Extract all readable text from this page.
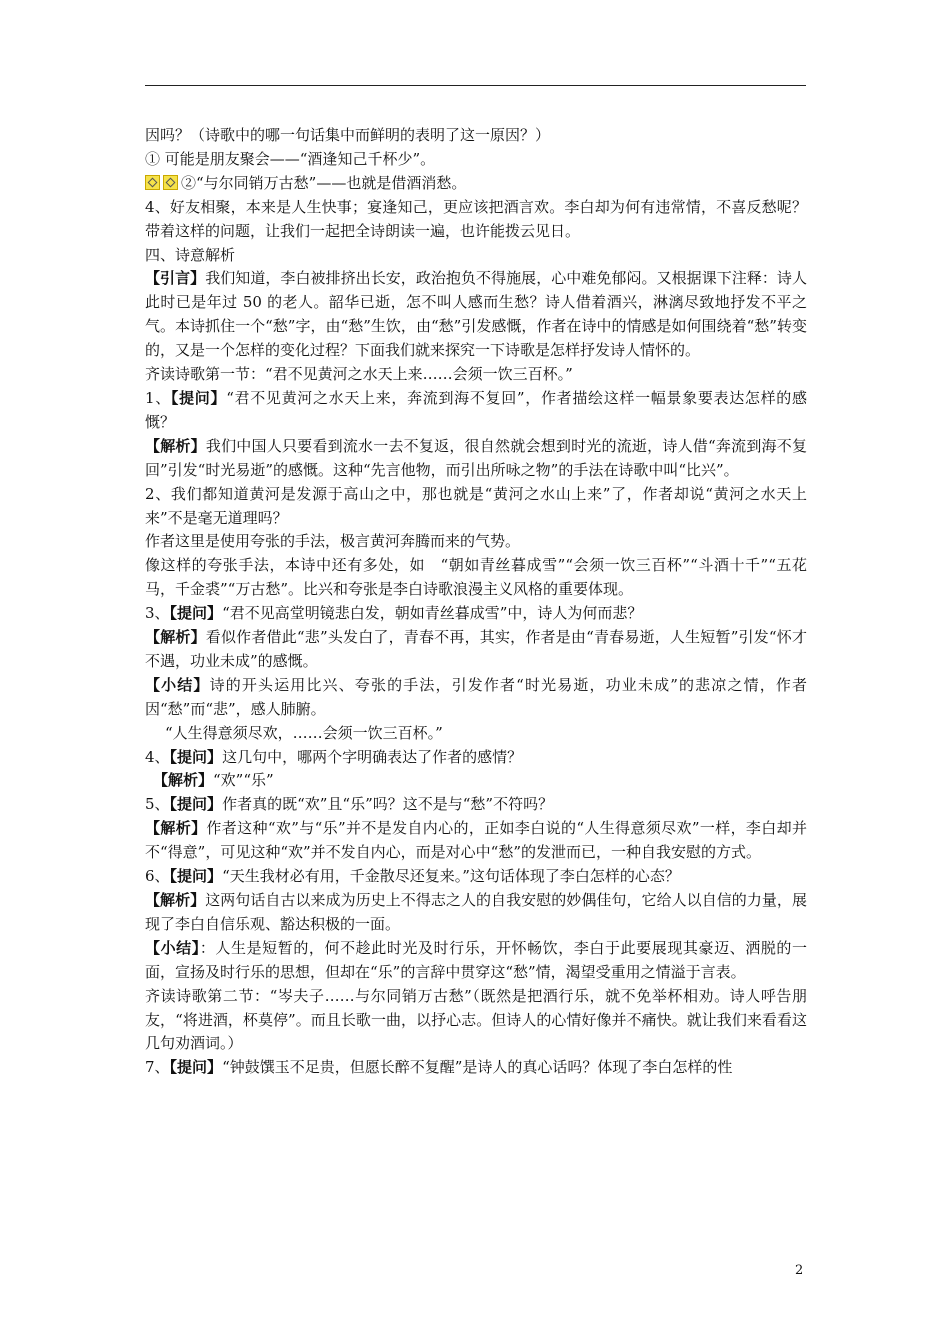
因吗？（诗歌中的哪一句话集中而鲜明的表明了这一原因？）

① 可能是朋友聚会——“酒逢知己千杯少”。

②“与尔同销万古愁”——也就是借酒消愁。

4、好友相聚，本来是人生快事；宴逢知己，更应该把酒言欢。李白却为何有违常情，不喜反愁呢？带着这样的问题，让我们一起把全诗朗读一遍，也许能拨云见日。

四、诗意解析

【引言】我们知道，李白被排挤出长安，政治抱负不得施展，心中难免郁闷。又根据课下注释：诗人此时已是年过 50 的老人。韶华已逝，怎不叫人感而生愁？诗人借着酒兴，淋漓尽致地抒发不平之气。本诗抓住一个“愁”字，由“愁”生饮，由“愁”引发感慨，作者在诗中的情感是如何围绕着“愁”转变的，又是一个怎样的变化过程？下面我们就来探究一下诗歌是怎样抒发诗人情怀的。

齐读诗歌第一节：“君不见黄河之水天上来……会须一饮三百杯。”

1、【提问】“君不见黄河之水天上来，奔流到海不复回”，作者描绘这样一幅景象要表达怎样的感慨？

【解析】我们中国人只要看到流水一去不复返，很自然就会想到时光的流逝，诗人借“奔流到海不复回”引发“时光易逝”的感慨。这种“先言他物，而引出所咏之物”的手法在诗歌中叫“比兴”。

2、我们都知道黄河是发源于高山之中，那也就是“黄河之水山上来”了，作者却说“黄河之水天上来”不是毫无道理吗？

作者这里是使用夸张的手法，极言黄河奔腾而来的气势。

像这样的夸张手法，本诗中还有多处，如　“朝如青丝暮成雪”“会须一饮三百杯”“斗酒十千”“五花马，千金裘”“万古愁”。比兴和夸张是李白诗歌浪漫主义风格的重要体现。

3、【提问】“君不见高堂明镜悲白发，朝如青丝暮成雪”中，诗人为何而悲？

【解析】看似作者借此“悲”头发白了，青春不再，其实，作者是由“青春易逝，人生短暂”引发“怀才不遇，功业未成”的感慨。

【小结】诗的开头运用比兴、夸张的手法，引发作者“时光易逝，功业未成”的悲凉之情，作者因“愁”而“悲”，感人肺腑。

“人生得意须尽欢，……会须一饮三百杯。”

4、【提问】这几句中，哪两个字明确表达了作者的感情？

【解析】“欢”“乐”

5、【提问】作者真的既“欢”且“乐”吗？这不是与“愁”不符吗？

【解析】作者这种“欢”与“乐”并不是发自内心的，正如李白说的“人生得意须尽欢”一样，李白却并不“得意”，可见这种“欢”并不发自内心，而是对心中“愁”的发泄而已，一种自我安慰的方式。

6、【提问】“天生我材必有用，千金散尽还复来。”这句话体现了李白怎样的心态？

【解析】这两句话自古以来成为历史上不得志之人的自我安慰的妙偶佳句，它给人以自信的力量，展现了李白自信乐观、豁达积极的一面。

【小结】：人生是短暂的，何不趁此时光及时行乐，开怀畅饮，李白于此要展现其豪迈、洒脱的一面，宣扬及时行乐的思想，但却在“乐”的言辞中贯穿这“愁”情，渴望受重用之情溢于言表。

齐读诗歌第二节：“岑夫子……与尔同销万古愁”（既然是把酒行乐，就不免举杯相劝。诗人呼告朋友，“将进酒，杯莫停”。而且长歌一曲，以抒心志。但诗人的心情好像并不痛快。就让我们来看看这几句劝酒词。）

7、【提问】“钟鼓馔玉不足贵，但愿长醉不复醒”是诗人的真心话吗？体现了李白怎样的性

2
